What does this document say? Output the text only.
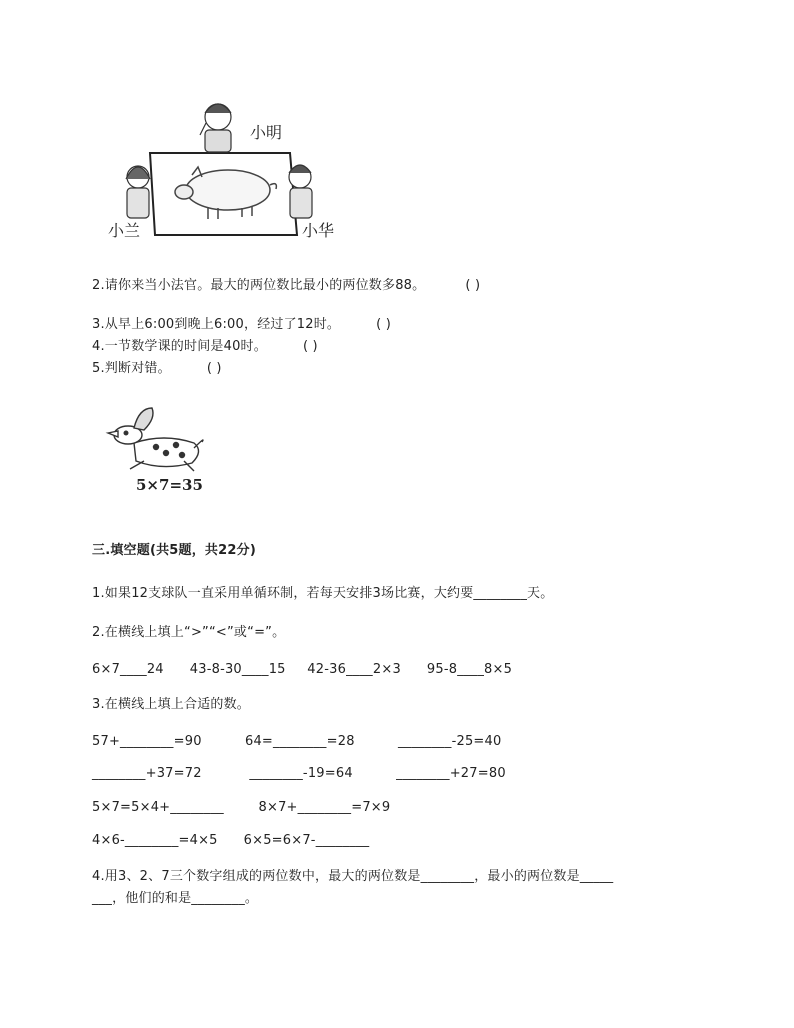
小明
小兰	小华
2.请你来当小法官。最大的两位数比最小的两位数多88。	( )
3.从早上6:00到晚上6:00，经过了12时。	( )
4.一节数学课的时间是40时。	( )
5.判断对错。	( )
5×7=35
三.填空题(共5题，共22分)
1.如果12支球队一直采用单循环制，若每天安排3场比赛，大约要________天。
2.在横线上填上“>”“<”或“=”。
6×7____24      43-8-30____15     42-36____2×3      95-8____8×5
3.在横线上填上合适的数。
57+________=90          64=________=28          ________-25=40
________+37=72           ________-19=64          ________+27=80
5×7=5×4+________        8×7+________=7×9
4×6-________=4×5      6×5=6×7-________
4.用3、2、7三个数字组成的两位数中，最大的两位数是________，最小的两位数是_____
___，他们的和是________。
